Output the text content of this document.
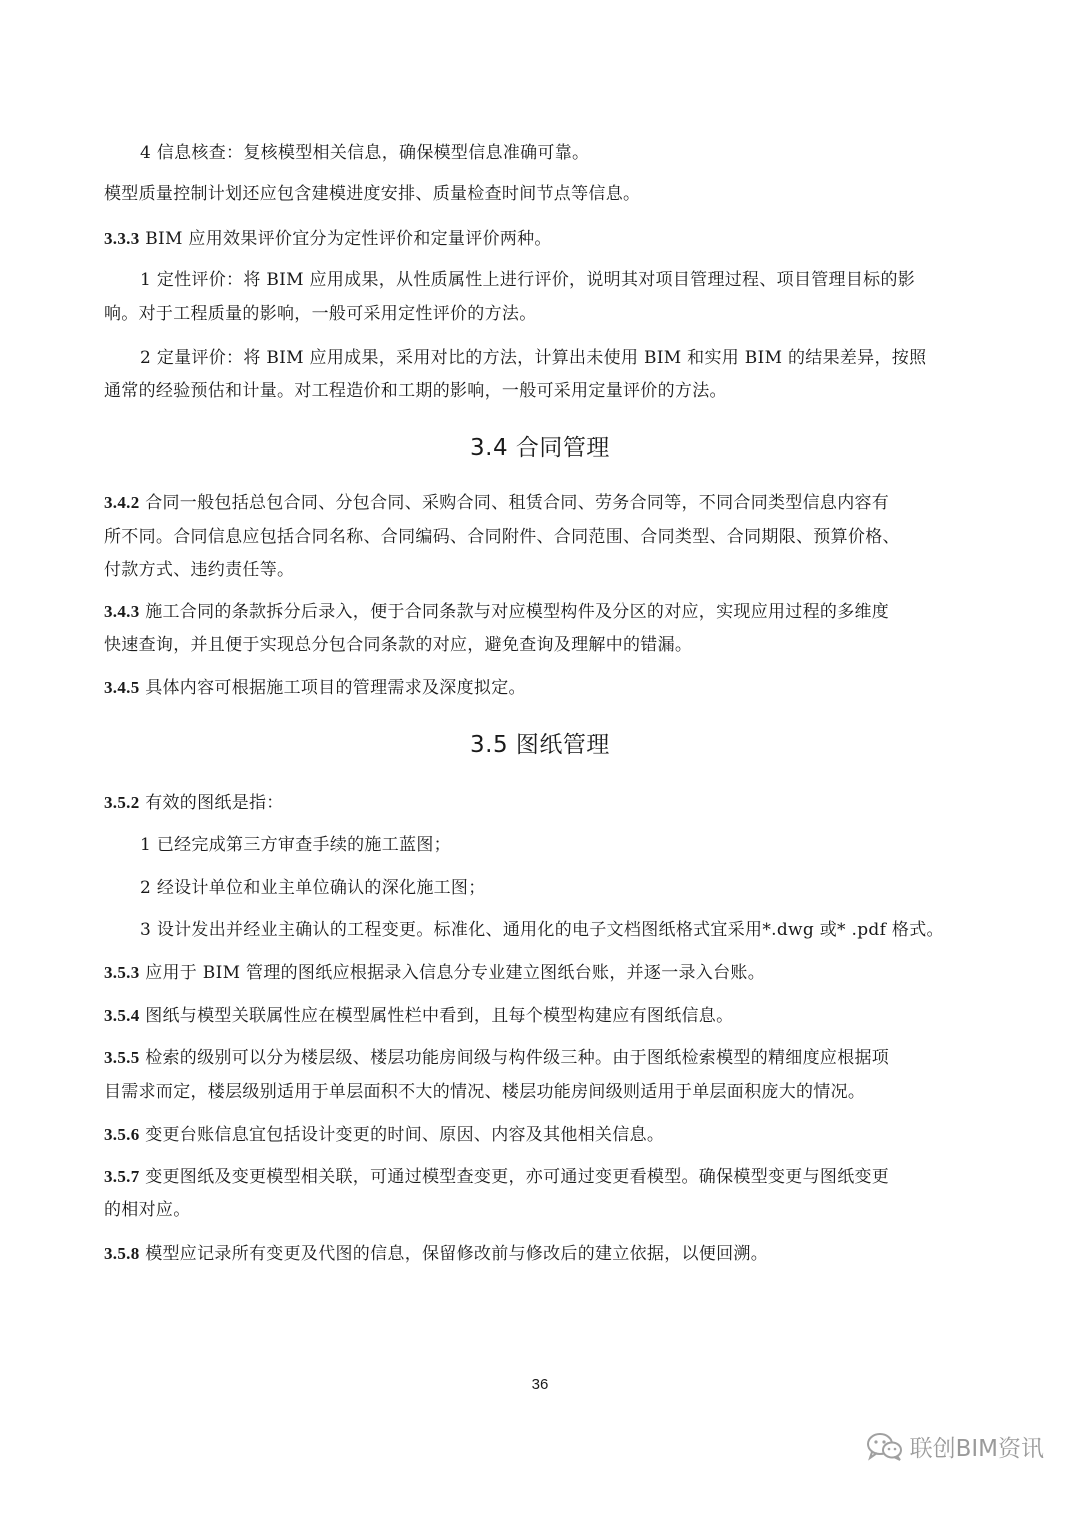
4 信息核查：复核模型相关信息，确保模型信息准确可靠。
模型质量控制计划还应包含建模进度安排、质量检查时间节点等信息。
3.3.3 BIM 应用效果评价宜分为定性评价和定量评价两种。
1 定性评价：将 BIM 应用成果，从性质属性上进行评价，说明其对项目管理过程、项目管理目标的影
响。对于工程质量的影响，一般可采用定性评价的方法。
2 定量评价：将 BIM 应用成果，采用对比的方法，计算出未使用 BIM 和实用 BIM 的结果差异，按照
通常的经验预估和计量。对工程造价和工期的影响，一般可采用定量评价的方法。
3.4 合同管理
3.4.2 合同一般包括总包合同、分包合同、采购合同、租赁合同、劳务合同等，不同合同类型信息内容有
所不同。合同信息应包括合同名称、合同编码、合同附件、合同范围、合同类型、合同期限、预算价格、
付款方式、违约责任等。
3.4.3 施工合同的条款拆分后录入，便于合同条款与对应模型构件及分区的对应，实现应用过程的多维度
快速查询，并且便于实现总分包合同条款的对应，避免查询及理解中的错漏。
3.4.5 具体内容可根据施工项目的管理需求及深度拟定。
3.5 图纸管理
3.5.2 有效的图纸是指：
1 已经完成第三方审查手续的施工蓝图；
2 经设计单位和业主单位确认的深化施工图；
3 设计发出并经业主确认的工程变更。标准化、通用化的电子文档图纸格式宜采用*.dwg 或* .pdf 格式。
3.5.3 应用于 BIM 管理的图纸应根据录入信息分专业建立图纸台账，并逐一录入台账。
3.5.4 图纸与模型关联属性应在模型属性栏中看到，且每个模型构建应有图纸信息。
3.5.5 检索的级别可以分为楼层级、楼层功能房间级与构件级三种。由于图纸检索模型的精细度应根据项
目需求而定，楼层级别适用于单层面积不大的情况、楼层功能房间级则适用于单层面积庞大的情况。
3.5.6 变更台账信息宜包括设计变更的时间、原因、内容及其他相关信息。
3.5.7 变更图纸及变更模型相关联，可通过模型查变更，亦可通过变更看模型。确保模型变更与图纸变更
的相对应。
3.5.8 模型应记录所有变更及代图的信息，保留修改前与修改后的建立依据，以便回溯。
36
联创BIM资讯
